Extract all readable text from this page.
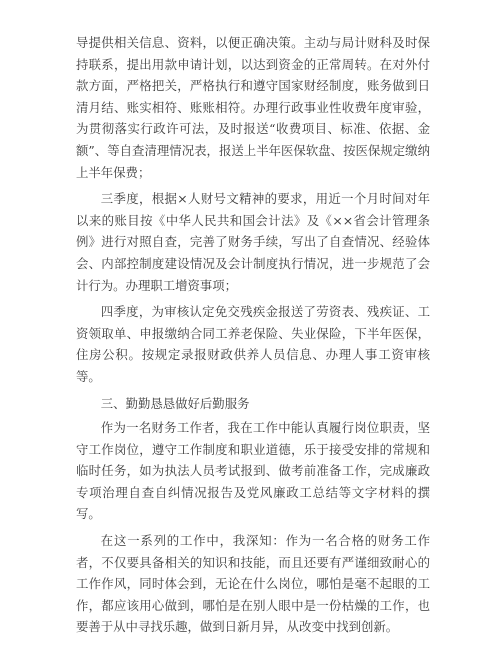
导提供相关信息、资料，以便正确决策。主动与局计财科及时保持联系，提出用款申请计划，以达到资金的正常周转。在对外付款方面，严格把关，严格执行和遵守国家财经制度，账务做到日清月结、账实相符、账账相符。办理行政事业性收费年度审验，为贯彻落实行政许可法，及时报送“收费项目、标准、依据、金额”、等自查清理情况表，报送上半年医保软盘、按医保规定缴纳上半年保费；

三季度，根据×人财号文精神的要求，用近一个月时间对年以来的账目按《中华人民共和国会计法》及《××省会计管理条例》进行对照自查，完善了财务手续，写出了自查情况、经验体会、内部控制度建设情况及会计制度执行情况，进一步规范了会计行为。办理职工增资事项；

四季度，为审核认定免交残疾金报送了劳资表、残疾证、工资领取单、申报缴纳合同工养老保险、失业保险，下半年医保，住房公积。按规定录报财政供养人员信息、办理人事工资审核等。

三、勤勤恳恳做好后勤服务

作为一名财务工作者，我在工作中能认真履行岗位职责，坚守工作岗位，遵守工作制度和职业道德，乐于接受安排的常规和临时任务，如为执法人员考试报到、做考前准备工作，完成廉政专项治理自查自纠情况报告及党风廉政工总结等文字材料的撰写。

在这一系列的工作中，我深知：作为一名合格的财务工作者，不仅要具备相关的知识和技能，而且还要有严谨细致耐心的工作作风，同时体会到，无论在什么岗位，哪怕是毫不起眼的工作，都应该用心做到，哪怕是在别人眼中是一份枯燥的工作，也要善于从中寻找乐趣，做到日新月异，从改变中找到创新。
